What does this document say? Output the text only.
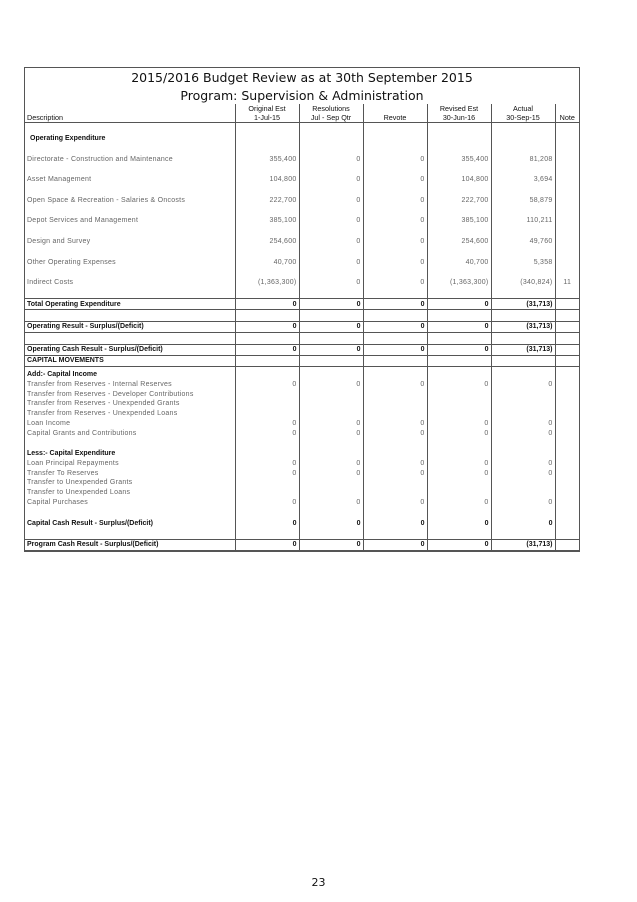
2015/2016 Budget Review as at 30th September 2015
Program: Supervision & Administration
	Original Est	Resolutions		Revised Est	Actual	
Description	1-Jul-15	Jul - Sep Qtr	Revote	30-Jun-16	30-Sep-15	Note

Operating Expenditure						

Directorate - Construction and Maintenance	355,400	0	0	355,400	81,208	

Asset Management	104,800	0	0	104,800	3,694	

Open Space & Recreation - Salaries & Oncosts	222,700	0	0	222,700	58,879	

Depot Services and Management	385,100	0	0	385,100	110,211	

Design and Survey	254,600	0	0	254,600	49,760	

Other Operating Expenses	40,700	0	0	40,700	5,358	

Indirect Costs	(1,363,300)	0	0	(1,363,300)	(340,824)	11

Total Operating Expenditure	0	0	0	0	(31,713)	

Operating Result - Surplus/(Deficit)	0	0	0	0	(31,713)	

Operating Cash Result - Surplus/(Deficit)	0	0	0	0	(31,713)	
CAPITAL MOVEMENTS						

Add:- Capital Income						
Transfer from Reserves - Internal Reserves	0	0	0	0	0	
Transfer from Reserves - Developer Contributions						
Transfer from Reserves - Unexpended Grants						
Transfer from Reserves - Unexpended Loans						
Loan Income	0	0	0	0	0	
Capital Grants and Contributions	0	0	0	0	0	

Less:- Capital Expenditure						
Loan Principal Repayments	0	0	0	0	0	
Transfer To Reserves	0	0	0	0	0	
Transfer to Unexpended Grants						
Transfer to Unexpended Loans						
Capital Purchases	0	0	0	0	0	

Capital Cash Result - Surplus/(Deficit)	0	0	0	0	0	

Program Cash Result - Surplus/(Deficit)	0	0	0	0	(31,713)	
23
